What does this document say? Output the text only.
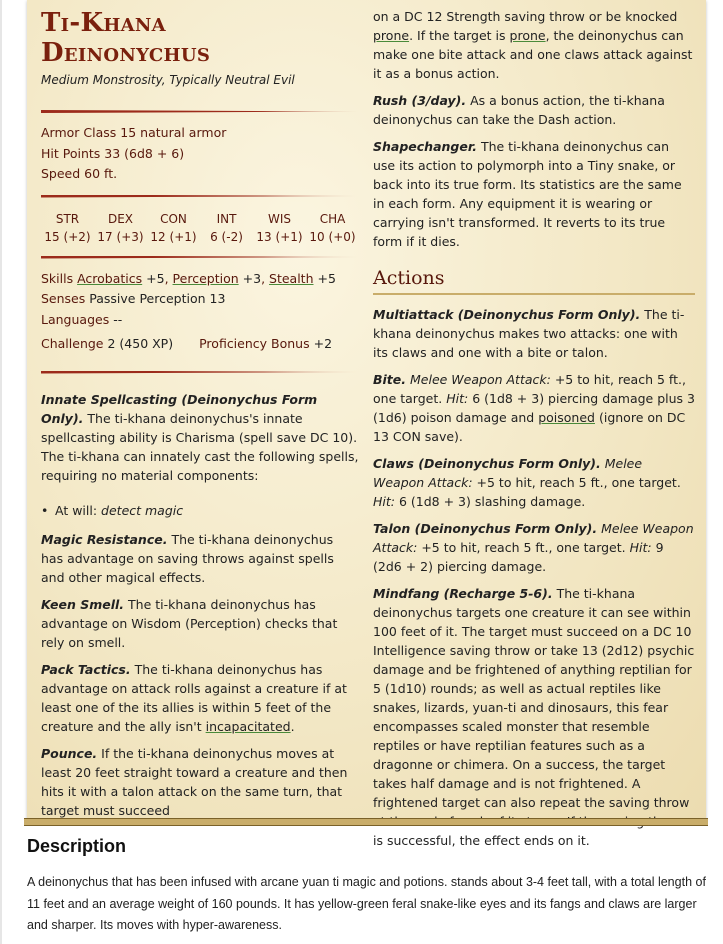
Ti-Khana
Deinonychus
Medium Monstrosity, Typically Neutral Evil
Armor Class 15 natural armor
Hit Points 33 (6d8 + 6)
Speed 60 ft.
STR
15 (+2)
DEX
17 (+3)
CON
12 (+1)
INT
6 (-2)
WIS
13 (+1)
CHA
10 (+0)
Skills Acrobatics +5, Perception +3, Stealth +5
Senses Passive Perception 13
Languages --
Challenge 2 (450 XP) Proficiency Bonus +2
Innate Spellcasting (Deinonychus Form Only). The ti-khana deinonychus's innate spellcasting ability is Charisma (spell save DC 10). The ti-khana can innately cast the following spells, requiring no material components:
• At will: detect magic
Magic Resistance. The ti-khana deinonychus has advantage on saving throws against spells and other magical effects.
Keen Smell. The ti-khana deinonychus has advantage on Wisdom (Perception) checks that rely on smell.
Pack Tactics. The ti-khana deinonychus has advantage on attack rolls against a creature if at least one of the its allies is within 5 feet of the creature and the ally isn't incapacitated.
Pounce. If the ti-khana deinonychus moves at least 20 feet straight toward a creature and then hits it with a talon attack on the same turn, that target must succeed
on a DC 12 Strength saving throw or be knocked prone. If the target is prone, the deinonychus can make one bite attack and one claws attack against it as a bonus action.
Rush (3/day). As a bonus action, the ti-khana deinonychus can take the Dash action.
Shapechanger. The ti-khana deinonychus can use its action to polymorph into a Tiny snake, or back into its true form. Its statistics are the same in each form. Any equipment it is wearing or carrying isn't transformed. It reverts to its true form if it dies.
Actions
Multiattack (Deinonychus Form Only). The ti-khana deinonychus makes two attacks: one with its claws and one with a bite or talon.
Bite. Melee Weapon Attack: +5 to hit, reach 5 ft., one target. Hit: 6 (1d8 + 3) piercing damage plus 3 (1d6) poison damage and poisoned (ignore on DC 13 CON save).
Claws (Deinonychus Form Only). Melee Weapon Attack: +5 to hit, reach 5 ft., one target. Hit: 6 (1d8 + 3) slashing damage.
Talon (Deinonychus Form Only). Melee Weapon Attack: +5 to hit, reach 5 ft., one target. Hit: 9 (2d6 + 2) piercing damage.
Mindfang (Recharge 5-6). The ti-khana deinonychus targets one creature it can see within 100 feet of it. The target must succeed on a DC 10 Intelligence saving throw or take 13 (2d12) psychic damage and be frightened of anything reptilian for 5 (1d10) rounds; as well as actual reptiles like snakes, lizards, yuan-ti and dinosaurs, this fear encompasses scaled monster that resemble reptiles or have reptilian features such as a dragonne or chimera. On a success, the target takes half damage and is not frightened. A frightened target can also repeat the saving throw is successful, the effect ends on it.
Description
A deinonychus that has been infused with arcane yuan ti magic and potions. stands about 3-4 feet tall, with a total length of 11 feet and an average weight of 160 pounds. It has yellow-green feral snake-like eyes and its fangs and claws are larger and sharper. Its moves with hyper-awareness.
